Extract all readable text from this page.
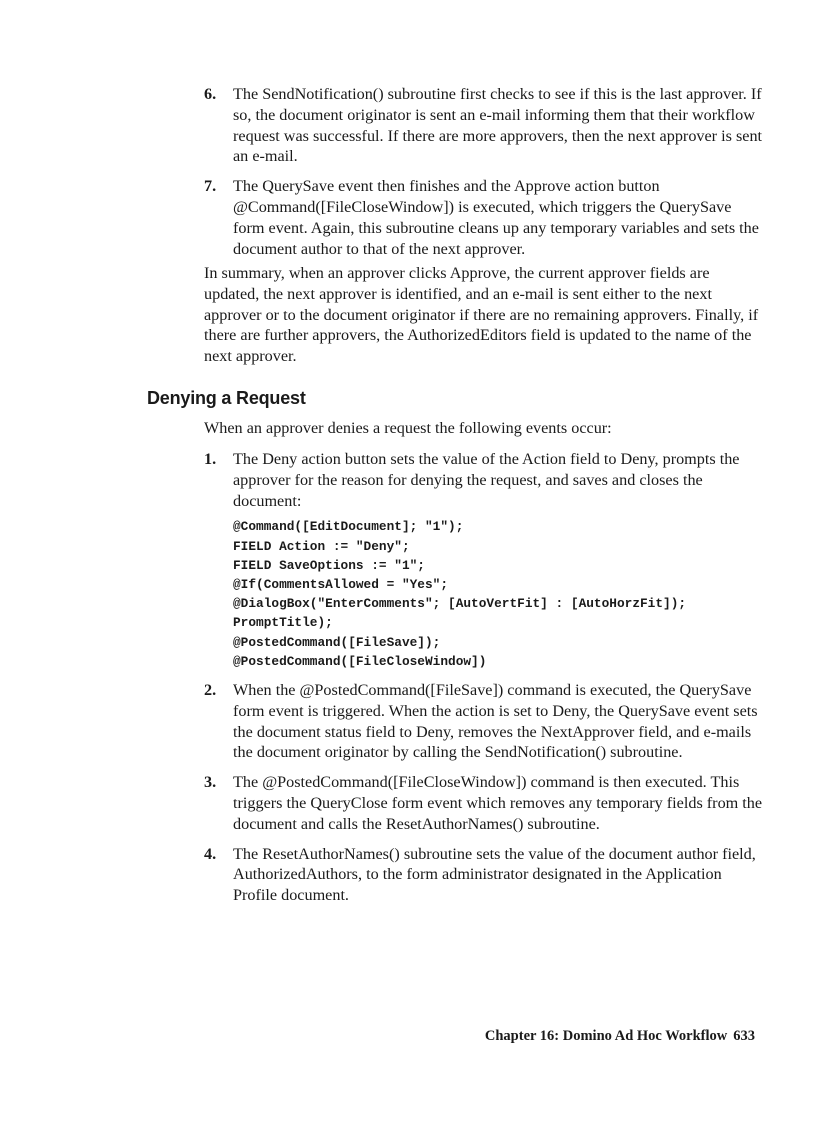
6. The SendNotification() subroutine first checks to see if this is the last approver. If so, the document originator is sent an e-mail informing them that their workflow request was successful. If there are more approvers, then the next approver is sent an e-mail.
7. The QuerySave event then finishes and the Approve action button @Command([FileCloseWindow]) is executed, which triggers the QuerySave form event. Again, this subroutine cleans up any temporary variables and sets the document author to that of the next approver.

In summary, when an approver clicks Approve, the current approver fields are updated, the next approver is identified, and an e-mail is sent either to the next approver or to the document originator if there are no remaining approvers. Finally, if there are further approvers, the AuthorizedEditors field is updated to the name of the next approver.

Denying a Request

When an approver denies a request the following events occur:

1. The Deny action button sets the value of the Action field to Deny, prompts the approver for the reason for denying the request, and saves and closes the document:
@Command([EditDocument]; "1");
FIELD Action := "Deny";
FIELD SaveOptions := "1";
@If(CommentsAllowed = "Yes";
@DialogBox("EnterComments"; [AutoVertFit] : [AutoHorzFit]);
PromptTitle);
@PostedCommand([FileSave]);
@PostedCommand([FileCloseWindow])
2. When the @PostedCommand([FileSave]) command is executed, the QuerySave form event is triggered. When the action is set to Deny, the QuerySave event sets the document status field to Deny, removes the NextApprover field, and e-mails the document originator by calling the SendNotification() subroutine.
3. The @PostedCommand([FileCloseWindow]) command is then executed. This triggers the QueryClose form event which removes any temporary fields from the document and calls the ResetAuthorNames() subroutine.
4. The ResetAuthorNames() subroutine sets the value of the document author field, AuthorizedAuthors, to the form administrator designated in the Application Profile document.
Chapter 16: Domino Ad Hoc Workflow 633
